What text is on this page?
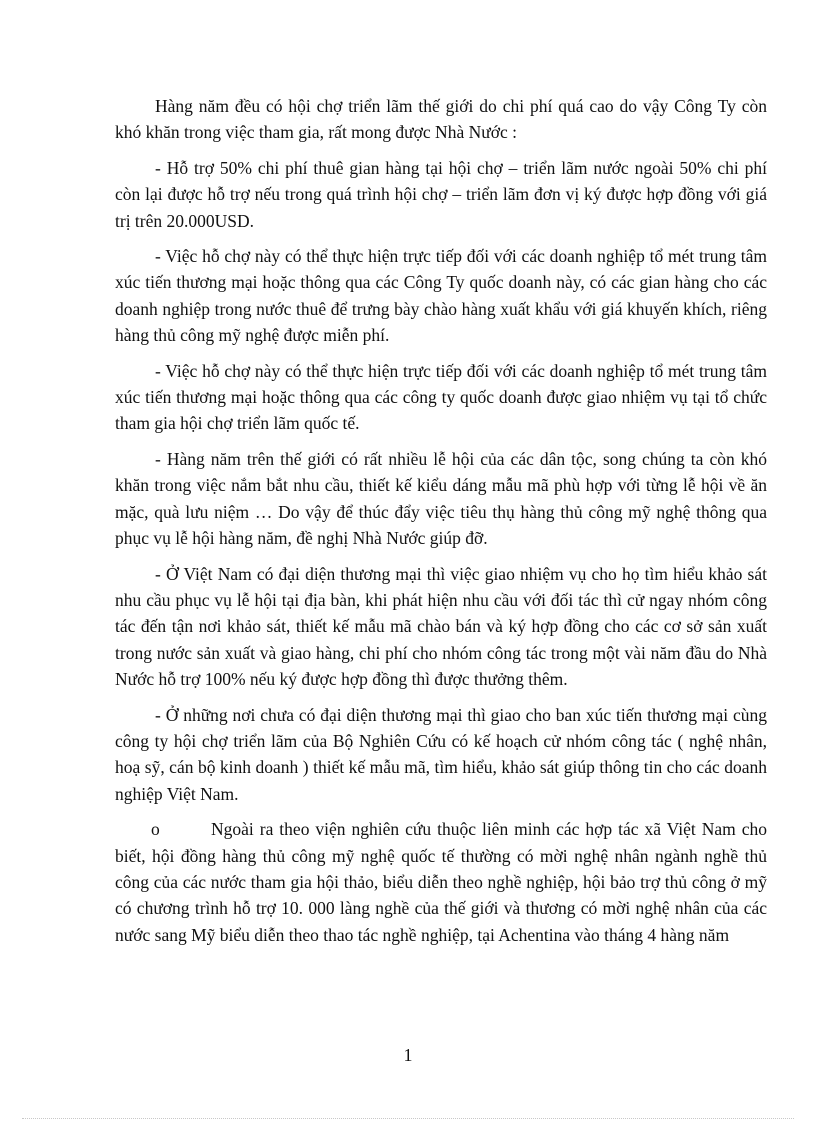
Hàng năm đều có hội chợ triển lãm thế giới do chi phí quá cao do vậy Công Ty còn khó khăn trong việc tham gia, rất mong được Nhà Nước :

- Hỗ trợ 50% chi phí thuê gian hàng tại hội chợ – triển lãm nước ngoài 50% chi phí còn lại được hỗ trợ nếu trong quá trình hội chợ – triển lãm đơn vị ký được hợp đồng với giá trị trên 20.000USD.

- Việc hỗ chợ này có thể thực hiện trực tiếp đối với các doanh nghiệp tổ mét trung tâm xúc tiến thương mại hoặc thông qua các Công Ty quốc doanh này, có các gian hàng cho các doanh nghiệp trong nước thuê để trưng bày chào hàng xuất khẩu với giá khuyến khích, riêng hàng thủ công mỹ nghệ được miễn phí.

- Việc hỗ chợ này có thể thực hiện trực tiếp đối với các doanh nghiệp tổ mét trung tâm xúc tiến thương mại hoặc thông qua các công ty quốc doanh được giao nhiệm vụ tại tổ chức tham gia hội chợ triển lãm quốc tế.

- Hàng năm trên thế giới có rất nhiều lễ hội của các dân tộc, song chúng ta còn khó khăn trong việc nắm bắt nhu cầu, thiết kế kiểu dáng mẫu mã phù hợp với từng lễ hội về ăn mặc, quà lưu niệm … Do vậy để thúc đẩy việc tiêu thụ hàng thủ công mỹ nghệ thông qua phục vụ lễ hội hàng năm, đề nghị Nhà Nước giúp đỡ.

- Ở Việt Nam có đại diện thương mại thì việc giao nhiệm vụ cho họ tìm hiểu khảo sát nhu cầu phục vụ lễ hội tại địa bàn, khi phát hiện nhu cầu với đối tác thì cử ngay nhóm công tác đến tận nơi khảo sát, thiết kế mẫu mã chào bán và ký hợp đồng cho các cơ sở sản xuất trong nước sản xuất và giao hàng, chi phí cho nhóm công tác trong một vài năm đầu do Nhà Nước hỗ trợ 100% nếu ký được hợp đồng thì được thưởng thêm.

- Ở những nơi chưa có đại diện thương mại thì giao cho ban xúc tiến thương mại cùng công ty hội chợ triển lãm của Bộ Nghiên Cứu có kế hoạch cử nhóm công tác ( nghệ nhân, hoạ sỹ, cán bộ kinh doanh ) thiết kế mẫu mã, tìm hiểu, khảo sát giúp thông tin cho các doanh nghiệp Việt Nam.

o	Ngoài ra theo viện nghiên cứu thuộc liên minh các hợp tác xã Việt Nam cho biết, hội đồng hàng thủ công mỹ nghệ quốc tế thường có mời nghệ nhân ngành nghề thủ công của các nước tham gia hội thảo, biểu diễn theo nghề nghiệp, hội bảo trợ thủ công ở mỹ có chương trình hỗ trợ 10. 000 làng nghề của thế giới và thương có mời nghệ nhân của các nước sang Mỹ biểu diễn theo thao tác nghề nghiệp, tại Achentina vào tháng 4 hàng năm

1
